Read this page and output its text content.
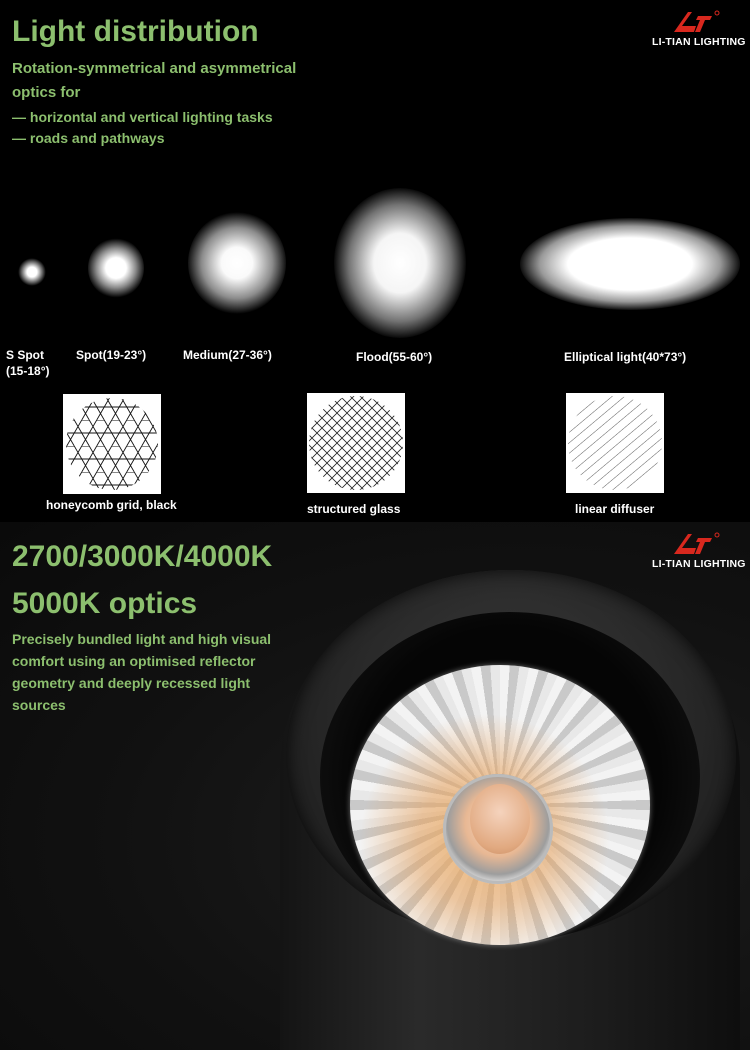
Light distribution
Rotation-symmetrical and asymmetrical
optics for
— horizontal and vertical lighting tasks
— roads and pathways
LI-TIAN LIGHTING
S Spot
(15-18°)
Spot(19-23°)	Medium(27-36°)	Flood(55-60°)	Elliptical light(40*73°)
honeycomb grid, black	structured glass	linear diffuser
2700/3000K/4000K
5000K optics
Precisely bundled light and high visual
comfort using an optimised reflector
geometry and deeply recessed light
sources
LI-TIAN LIGHTING
